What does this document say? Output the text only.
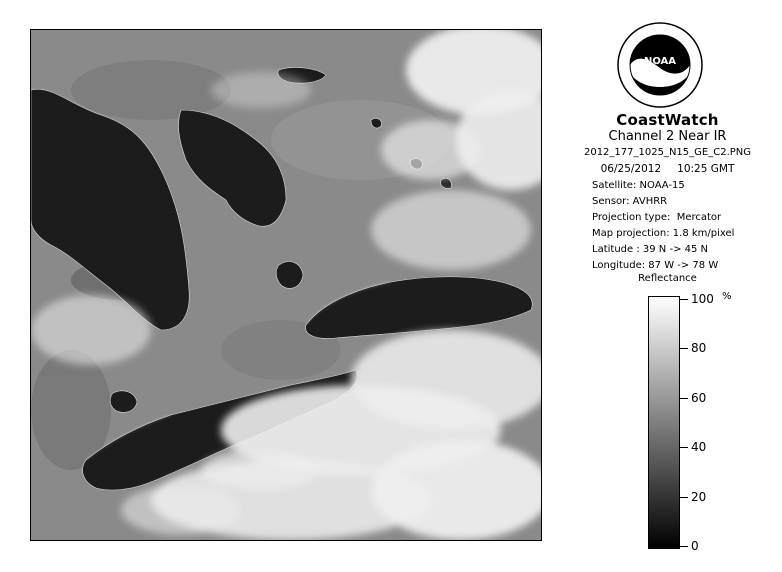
NOAA
CoastWatch
Channel 2 Near IR
2012_177_1025_N15_GE_C2.PNG
06/25/2012 10:25 GMT
Satellite: NOAA-15
Sensor: AVHRR
Projection type: Mercator
Map projection: 1.8 km/pixel
Latitude : 39 N -> 45 N
Longitude: 87 W -> 78 W
Reflectance
%
100
80
60
40
20
0
